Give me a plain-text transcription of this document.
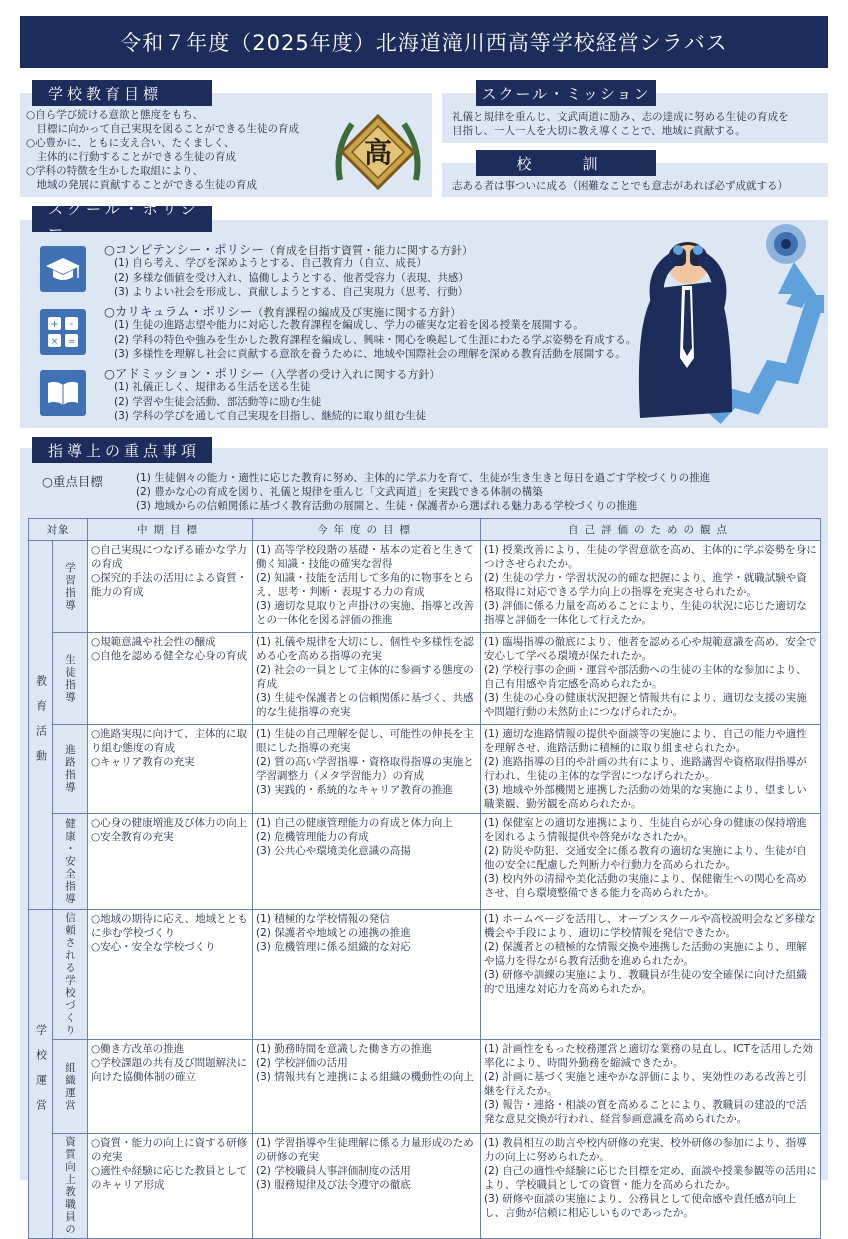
令和７年度（2025年度）北海道滝川西高等学校経営シラバス
学校教育目標
○自ら学び続ける意欲と態度をもち、
　目標に向かって自己実現を図ることができる生徒の育成
○心豊かに、ともに支え合い、たくましく、
　主体的に行動することができる生徒の育成
○学科の特徴を生かした取組により、
　地域の発展に貢献することができる生徒の育成
高
スクール・ミッション
礼儀と規律を重んじ、文武両道に励み、志の達成に努める生徒の育成を
目指し、一人一人を大切に教え導くことで、地域に貢献する。
校　訓
志ある者は事ついに成る（困難なことでも意志があれば必ず成就する）
スクール・ポリシー
○コンピテンシー・ポリシー（育成を目指す資質・能力に関する方針）
(1) 自ら考え、学びを深めようとする、自己教育力（自立、成長）
(2) 多様な価値を受け入れ、協働しようとする、他者受容力（表現、共感）
(3) よりよい社会を形成し、貢献しようとする、自己実現力（思考、行動）
+ -
× =
○カリキュラム・ポリシー（教育課程の編成及び実施に関する方針）
(1) 生徒の進路志望や能力に対応した教育課程を編成し、学力の確実な定着を図る授業を展開する。
(2) 学科の特色や強みを生かした教育課程を編成し、興味・関心を喚起して生涯にわたる学ぶ姿勢を育成する。
(3) 多様性を理解し社会に貢献する意欲を養うために、地域や国際社会の理解を深める教育活動を展開する。
○アドミッション・ポリシー（入学者の受け入れに関する方針）
(1) 礼儀正しく、規律ある生活を送る生徒
(2) 学習や生徒会活動、部活動等に励む生徒
(3) 学科の学びを通して自己実現を目指し、継続的に取り組む生徒
指導上の重点事項
○重点目標	(1) 生徒個々の能力・適性に応じた教育に努め、主体的に学ぶ力を育て、生徒が生き生きと毎日を過ごす学校づくりの推進
(2) 豊かな心の育成を図り、礼儀と規律を重んじ「文武両道」を実践できる体制の構築
(3) 地域からの信頼関係に基づく教育活動の展開と、生徒・保護者から選ばれる魅力ある学校づくりの推進
対象		中期目標	今年度の目標	自己評価のための観点
教育活動	学習指導	○自己実現につなげる確かな学力の育成
○探究的手法の活用による資質・能力の育成	(1) 高等学校段階の基礎・基本の定着と生きて働く知識・技能の確実な習得
(2) 知識・技能を活用して多角的に物事をとらえ、思考・判断・表現する力の育成
(3) 適切な見取りと声掛けの実施、指導と改善との一体化を図る評価の推進	(1) 授業改善により、生徒の学習意欲を高め、主体的に学ぶ姿勢を身につけさせられたか。
(2) 生徒の学力・学習状況の的確な把握により、進学・就職試験や資格取得に対応できる学力向上の指導を充実させられたか。
(3) 評価に係る力量を高めることにより、生徒の状況に応じた適切な指導と評価を一体化して行えたか。

	生徒指導	○規範意識や社会性の醸成
○自他を認める健全な心身の育成	(1) 礼儀や規律を大切にし、個性や多様性を認める心を高める指導の充実
(2) 社会の一員として主体的に参画する態度の育成
(3) 生徒や保護者との信頼関係に基づく、共感的な生徒指導の充実	(1) 臨場指導の徹底により、他者を認める心や規範意識を高め、安全で安心して学べる環境が保たれたか。
(2) 学校行事の企画・運営や部活動への生徒の主体的な参加により、自己有用感や肯定感を高められたか。
(3) 生徒の心身の健康状況把握と情報共有により、適切な支援の実施や問題行動の未然防止につなげられたか。

	進路指導	○進路実現に向けて、主体的に取り組む態度の育成
○キャリア教育の充実	(1) 生徒の自己理解を促し、可能性の伸長を主眼にした指導の充実
(2) 質の高い学習指導・資格取得指導の実施と学習調整力（メタ学習能力）の育成
(3) 実践的・系統的なキャリア教育の推進	(1) 適切な進路情報の提供や面談等の実施により、自己の能力や適性を理解させ、進路活動に積極的に取り組ませられたか。
(2) 進路指導の目的や計画の共有により、進路講習や資格取得指導が行われ、生徒の主体的な学習につなげられたか。
(3) 地域や外部機関と連携した活動の効果的な実施により、望ましい職業観、勤労観を高められたか。

	健康・安全指導	○心身の健康増進及び体力の向上
○安全教育の充実	(1) 自己の健康管理能力の育成と体力向上
(2) 危機管理能力の育成
(3) 公共心や環境美化意識の高揚	(1) 保健室との適切な連携により、生徒自らが心身の健康の保持増進を図れるよう情報提供や啓発がなされたか。
(2) 防災や防犯、交通安全に係る教育の適切な実施により、生徒が自他の安全に配慮した判断力や行動力を高められたか。
(3) 校内外の清掃や美化活動の実施により、保健衛生への関心を高めさせ、自ら環境整備できる能力を高められたか。

学校運営	信頼される学校づくり	○地域の期待に応え、地域とともに歩む学校づくり
○安心・安全な学校づくり	(1) 積極的な学校情報の発信
(2) 保護者や地域との連携の推進
(3) 危機管理に係る組織的な対応	(1) ホームページを活用し、オープンスクールや高校説明会など多様な機会や手段により、適切に学校情報を発信できたか。
(2) 保護者との積極的な情報交換や連携した活動の実施により、理解や協力を得ながら教育活動を進められたか。
(3) 研修や訓練の実施により、教職員が生徒の安全確保に向けた組織的で迅速な対応力を高められたか。

	組織運営	○働き方改革の推進
○学校課題の共有及び問題解決に向けた協働体制の確立	(1) 勤務時間を意識した働き方の推進
(2) 学校評価の活用
(3) 情報共有と連携による組織の機動性の向上	(1) 計画性をもった校務運営と適切な業務の見直し、ICTを活用した効率化により、時間外勤務を縮減できたか。
(2) 計画に基づく実施と速やかな評価により、実効性のある改善と引継を行えたか。
(3) 報告・連絡・相談の質を高めることにより、教職員の建設的で活発な意見交換が行われ、経営参画意識を高められたか。

	資質向上教職員の	○資質・能力の向上に資する研修の充実
○適性や経験に応じた教員としてのキャリア形成	(1) 学習指導や生徒理解に係る力量形成のための研修の充実
(2) 学校職員人事評価制度の活用
(3) 服務規律及び法令遵守の徹底	(1) 教員相互の助言や校内研修の充実、校外研修の参加により、指導力の向上に努められたか。
(2) 自己の適性や経験に応じた目標を定め、面談や授業参観等の活用により、学校職員としての資質・能力を高められたか。
(3) 研修や面談の実施により、公務員として使命感や責任感が向上し、言動が信頼に相応しいものであったか。
